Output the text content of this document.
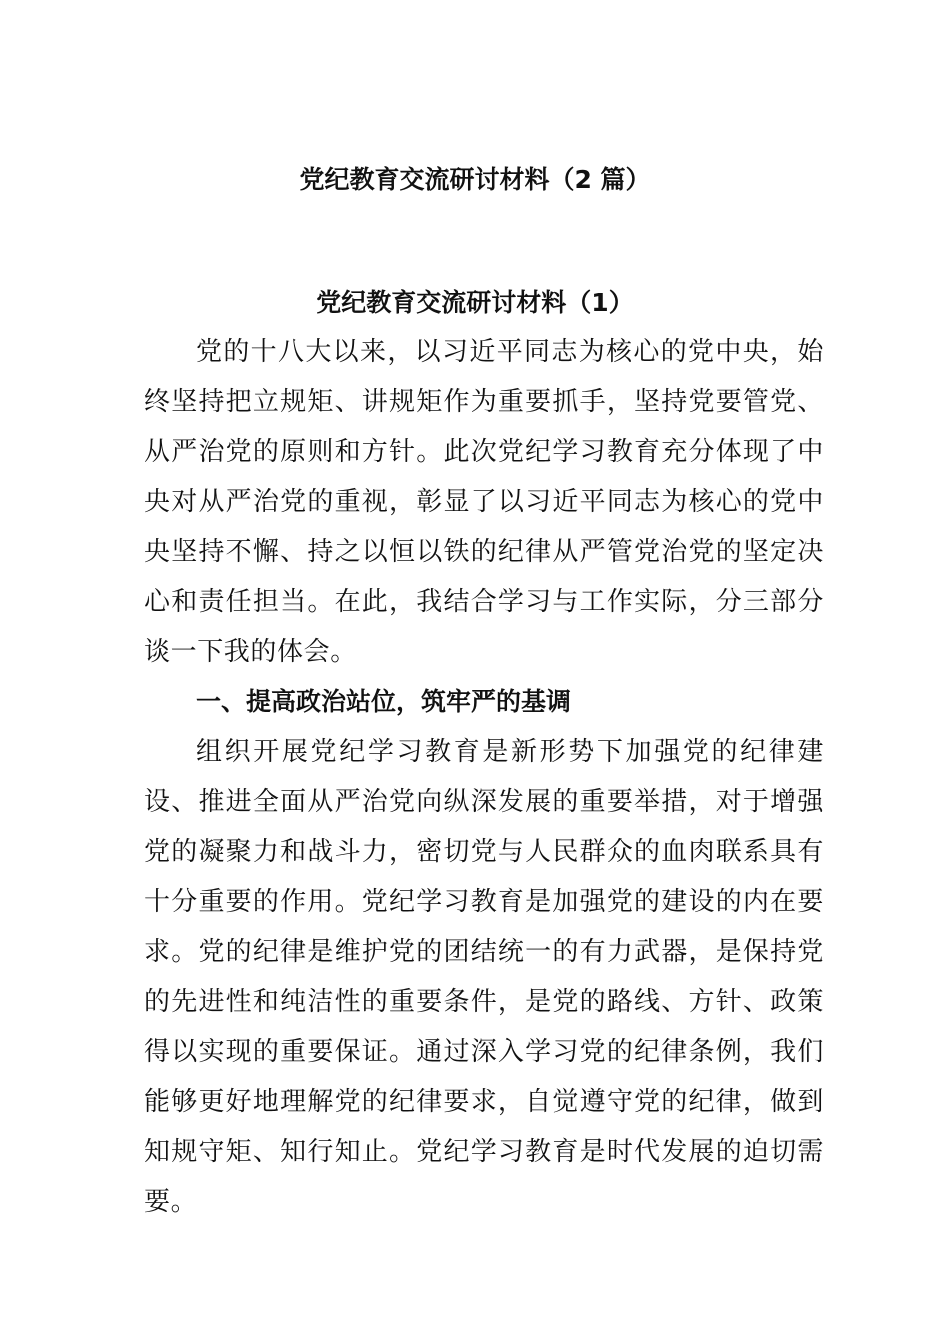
党纪教育交流研讨材料（2 篇）
党纪教育交流研讨材料（1）

党的十八大以来，以习近平同志为核心的党中央，始终坚持把立规矩、讲规矩作为重要抓手，坚持党要管党、从严治党的原则和方针。此次党纪学习教育充分体现了中央对从严治党的重视，彰显了以习近平同志为核心的党中央坚持不懈、持之以恒以铁的纪律从严管党治党的坚定决心和责任担当。在此，我结合学习与工作实际，分三部分谈一下我的体会。

一、提高政治站位，筑牢严的基调

组织开展党纪学习教育是新形势下加强党的纪律建设、推进全面从严治党向纵深发展的重要举措，对于增强党的凝聚力和战斗力，密切党与人民群众的血肉联系具有十分重要的作用。党纪学习教育是加强党的建设的内在要求。党的纪律是维护党的团结统一的有力武器，是保持党的先进性和纯洁性的重要条件，是党的路线、方针、政策得以实现的重要保证。通过深入学习党的纪律条例，我们能够更好地理解党的纪律要求，自觉遵守党的纪律，做到知规守矩、知行知止。党纪学习教育是时代发展的迫切需要。
